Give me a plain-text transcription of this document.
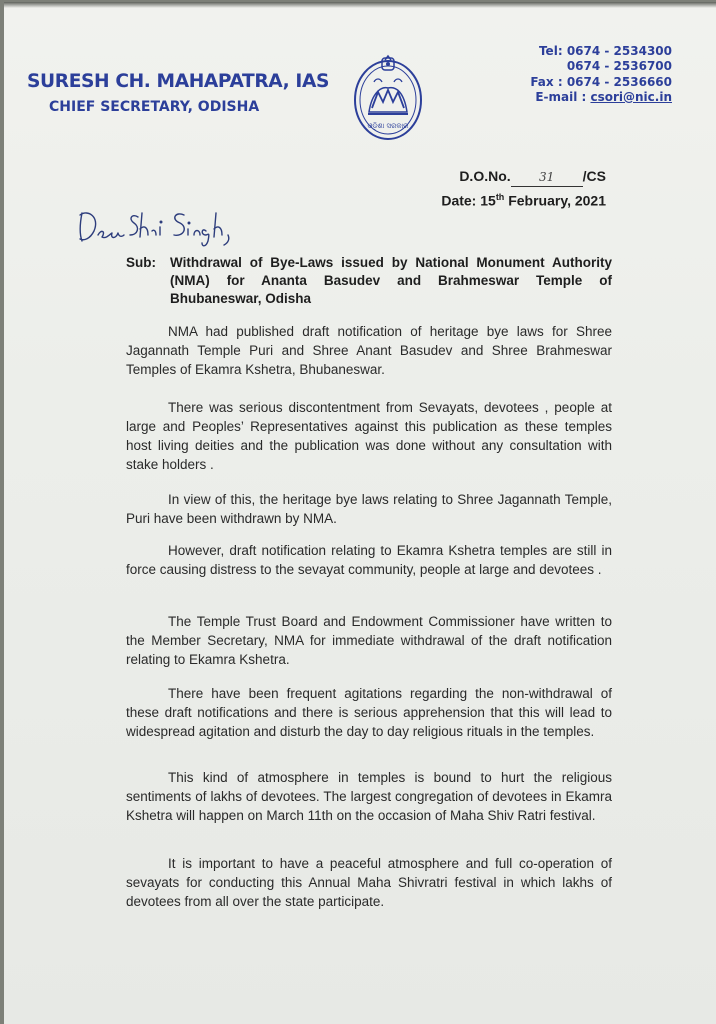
SURESH CH. MAHAPATRA, IAS
CHIEF SECRETARY, ODISHA
ଓଡ଼ିଶା ସରକାର
Tel: 0674 - 2534300
0674 - 2536700
Fax : 0674 - 2536660
E-mail : csori@nic.in
D.O.No. 31 /CS
Date: 15th February, 2021
Sub:	Withdrawal of Bye-Laws issued by National Monument Authority (NMA) for Ananta Basudev and Brahmeswar Temple of Bhubaneswar, Odisha

NMA had published draft notification of heritage bye laws for Shree Jagannath Temple Puri and Shree Anant Basudev and Shree Brahmeswar Temples of Ekamra Kshetra, Bhubaneswar.

There was serious discontentment from Sevayats, devotees , people at large and Peoples’ Representatives against this publication as these temples host living deities and the publication was done without any consultation with stake holders .

In view of this, the heritage bye laws relating to Shree Jagannath Temple, Puri have been withdrawn by NMA.

However, draft notification relating to Ekamra Kshetra temples are still in force causing distress to the sevayat community, people at large and devotees .

The Temple Trust Board and Endowment Commissioner have written to the Member Secretary, NMA for immediate withdrawal of the draft notification relating to Ekamra Kshetra.

There have been frequent agitations regarding the non-withdrawal of these draft notifications and there is serious apprehension that this will lead to widespread agitation and disturb the day to day religious rituals in the temples.

This kind of atmosphere in temples is bound to hurt the religious sentiments of lakhs of devotees. The largest congregation of devotees in Ekamra Kshetra will happen on March 11th on the occasion of Maha Shiv Ratri festival.

It is important to have a peaceful atmosphere and full co-operation of sevayats for conducting this Annual Maha Shivratri festival in which lakhs of devotees from all over the state participate.
